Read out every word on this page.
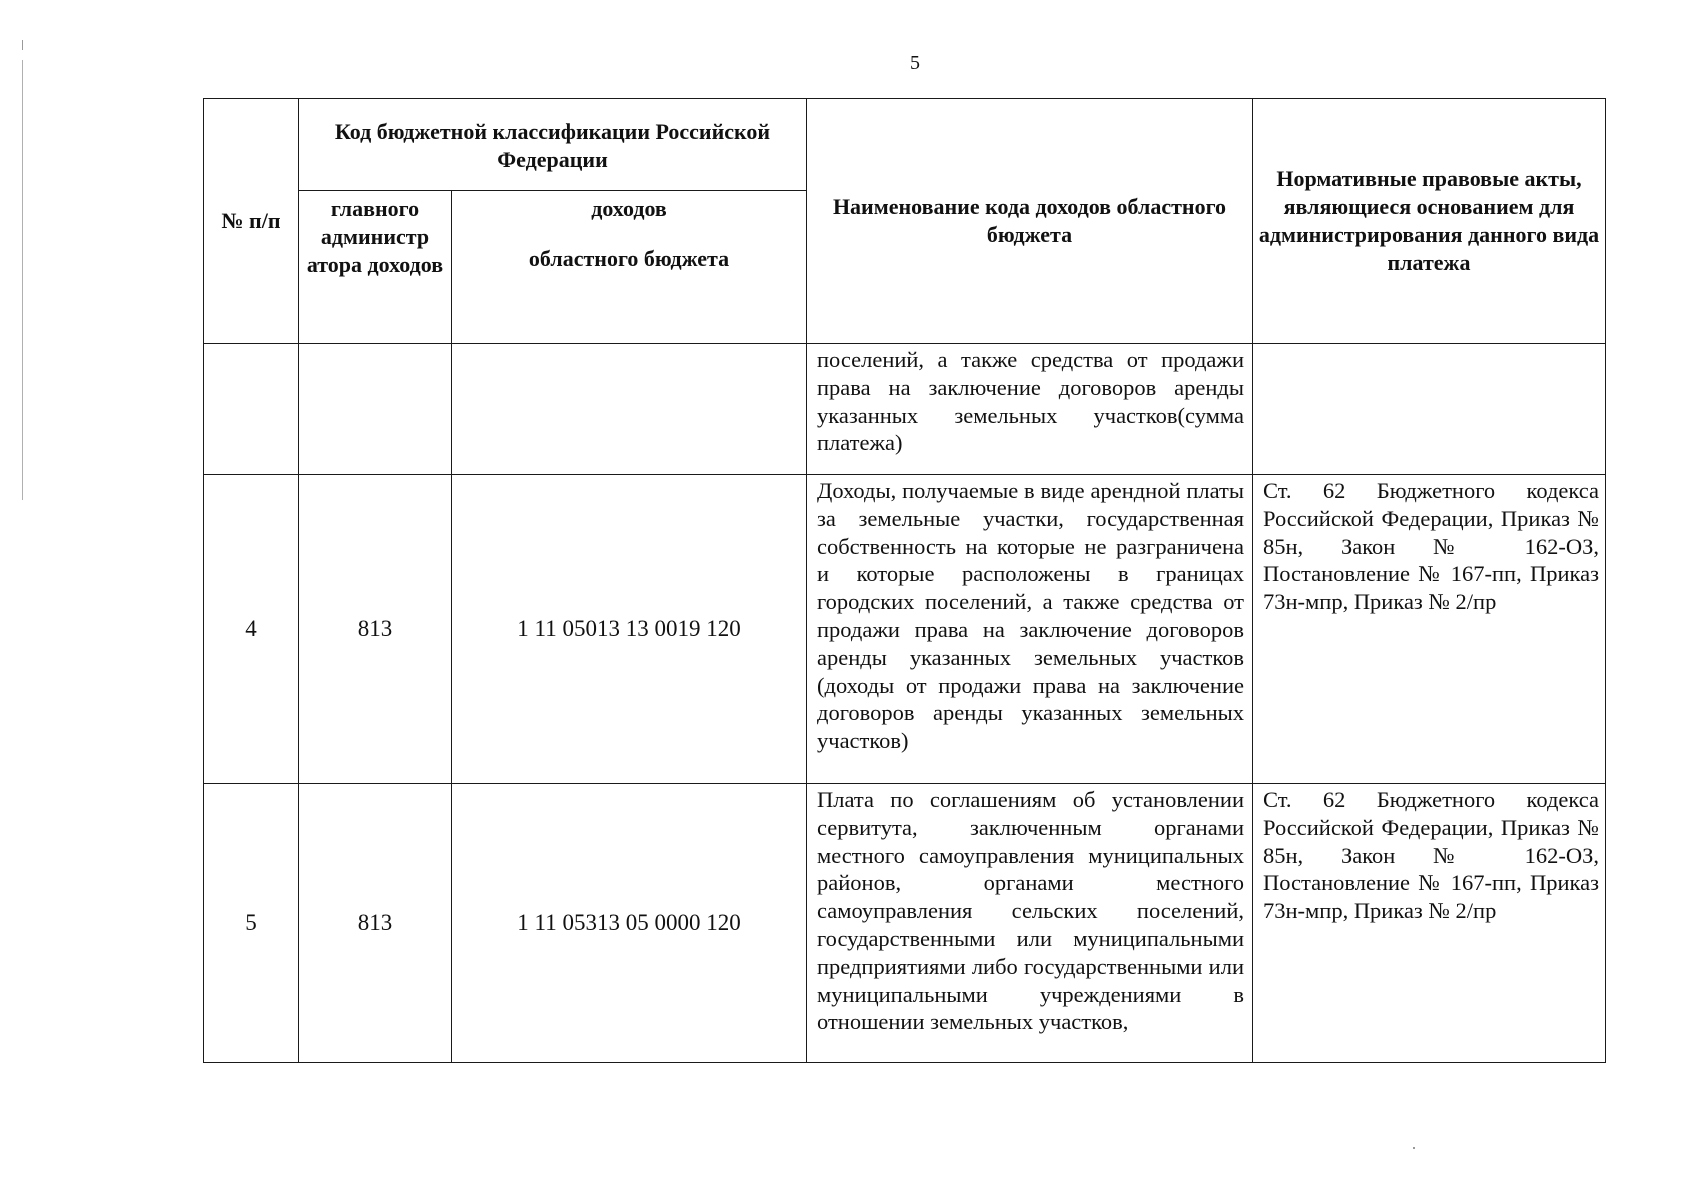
5
№ п/п	Код бюджетной классификации Российской Федерации		Наименование кода доходов областного бюджета	Нормативные правовые акты, являющиеся основанием для администрирования данного вида платежа
	главного администр атора доходов	доходов
областного бюджета		

			поселений, а также средства от продажи права на заключение договоров аренды указанных земельных участков(сумма платежа)	
4	813	1 11 05013 13 0019 120	Доходы, получаемые в виде арендной платы за земельные участки, государственная собственность на которые не разграничена и которые расположены в границах городских поселений, а также средства от продажи права на заключение договоров аренды указанных земельных участков (доходы от продажи права на заключение договоров аренды указанных земельных участков)	Ст. 62 Бюджетного кодекса Российской Федерации, Приказ № 85н, Закон № 162-ОЗ, Постановление № 167-пп, Приказ 73н-мпр, Приказ № 2/пр
5	813	1 11 05313 05 0000 120	Плата по соглашениям об установлении сервитута, заключенным органами местного самоуправления муниципальных районов, органами местного самоуправления сельских поселений, государственными или муниципальными предприятиями либо государственными или муниципальными учреждениями в отношении земельных участков,	Ст. 62 Бюджетного кодекса Российской Федерации, Приказ № 85н, Закон № 162-ОЗ, Постановление № 167-пп, Приказ 73н-мпр, Приказ № 2/пр
